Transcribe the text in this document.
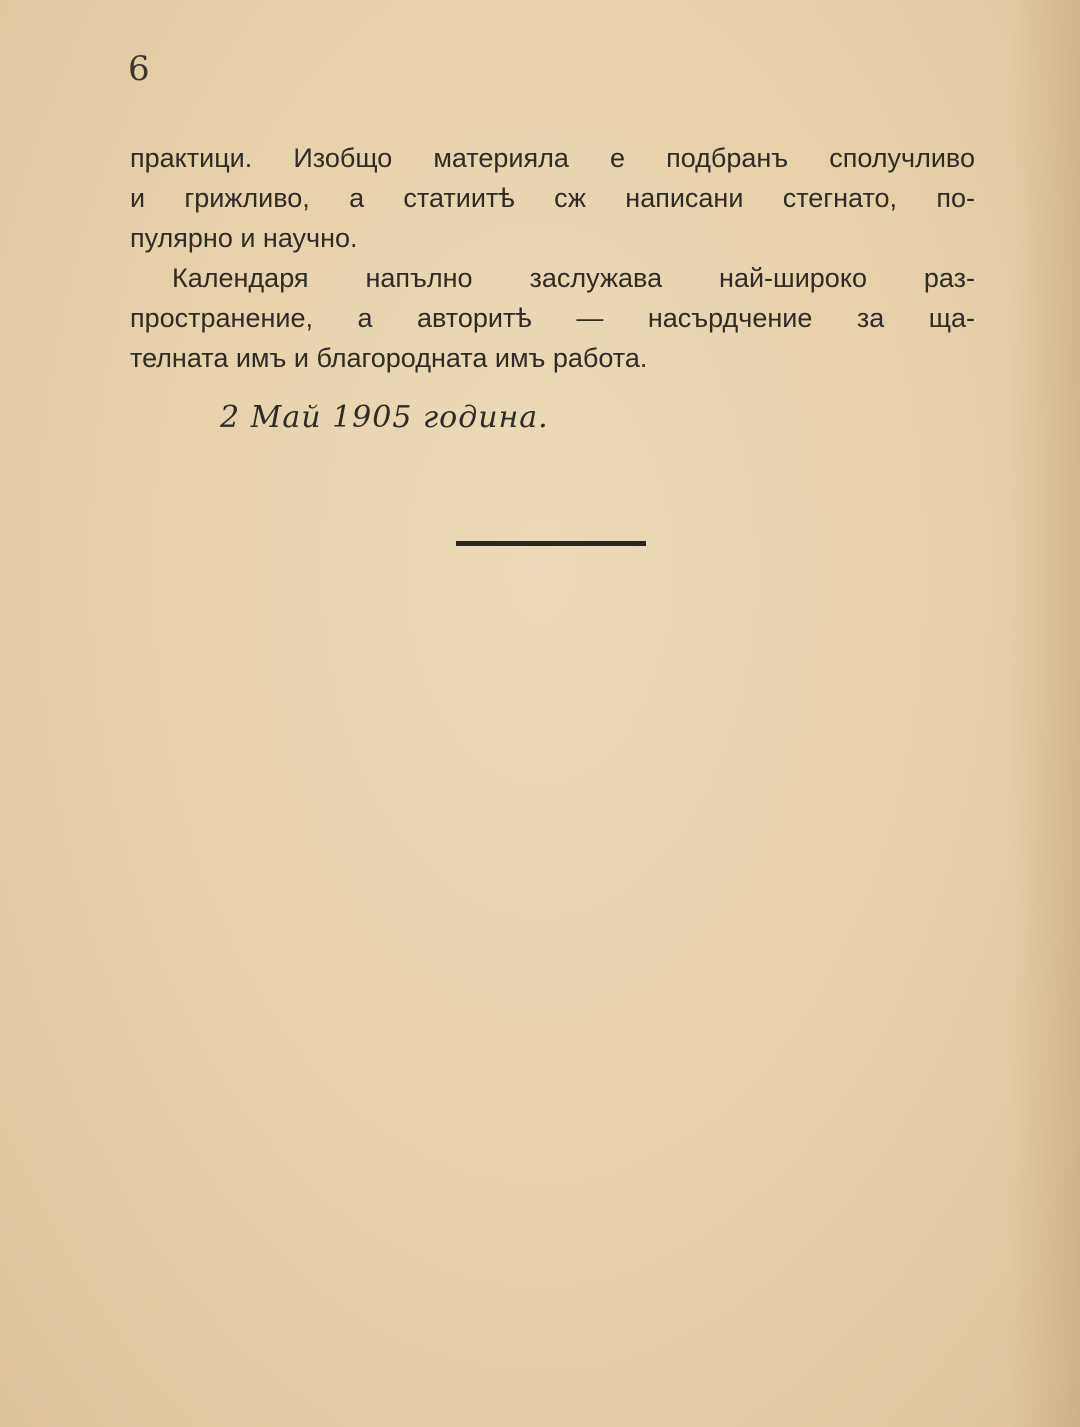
6
практици. Изобщо материяла е подбранъ сполучливо
и грижливо, а статиитѣ сж написани стегнато, по-
пулярно и научно.
Календаря напълно заслужава най-широко раз-
пространение, а авторитѣ — насърдчение за ща-
телната имъ и благородната имъ работа.
2 Май 1905 година.
